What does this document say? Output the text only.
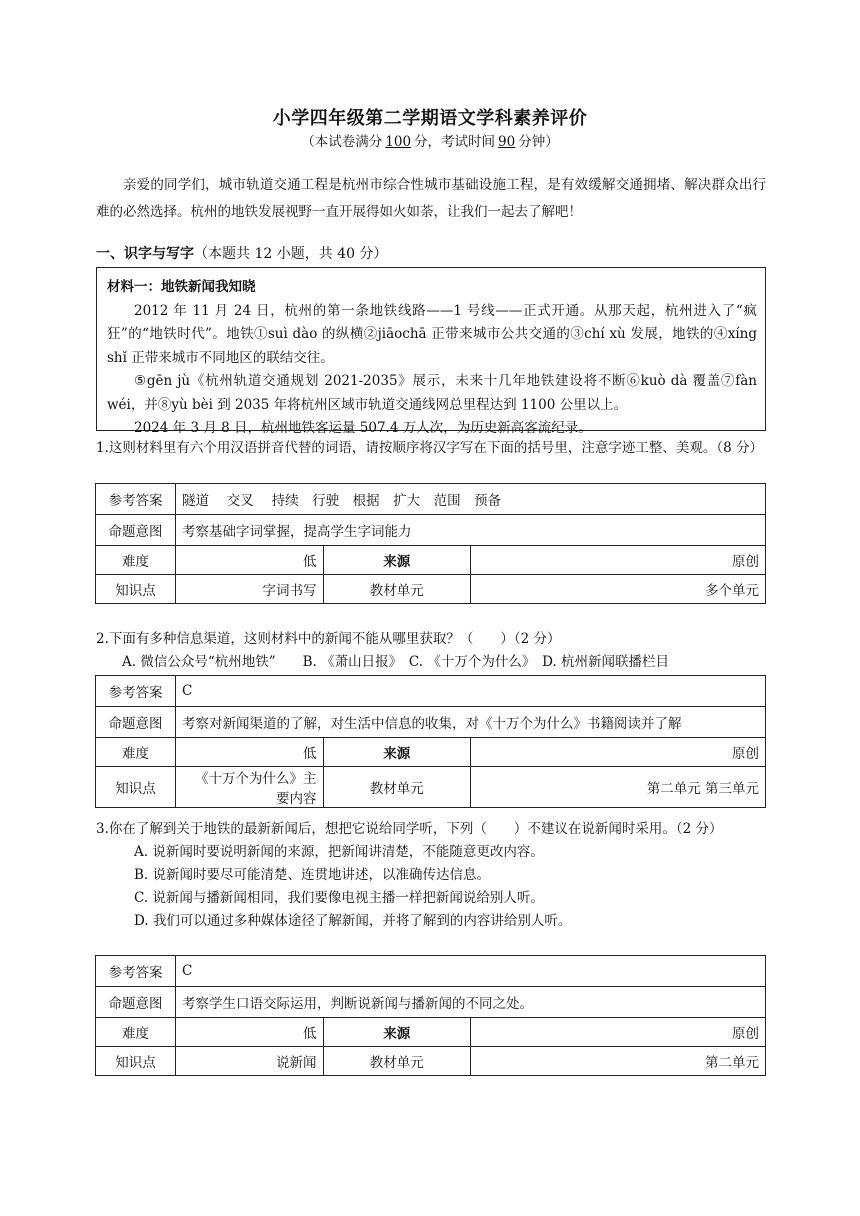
小学四年级第二学期语文学科素养评价
（本试卷满分 100 分，考试时间 90 分钟）
亲爱的同学们，城市轨道交通工程是杭州市综合性城市基础设施工程，是有效缓解交通拥堵、解决群众出行难的必然选择。杭州的地铁发展视野一直开展得如火如荼，让我们一起去了解吧！
一、识字与写字（本题共 12 小题，共 40 分）
材料一：地铁新闻我知晓

2012 年 11 月 24 日，杭州的第一条地铁线路——1 号线——正式开通。从那天起，杭州进入了“疯狂”的“地铁时代”。地铁①suì dào 的纵横②jiāochā 正带来城市公共交通的③chí xù 发展，地铁的④xíng shǐ 正带来城市不同地区的联结交往。

⑤gēn jù《杭州轨道交通规划 2021-2035》展示，未来十几年地铁建设将不断⑥kuò dà 覆盖⑦fàn wéi，并⑧yù bèi 到 2035 年将杭州区域市轨道交通线网总里程达到 1100 公里以上。

2024 年 3 月 8 日，杭州地铁客运量 507.4 万人次，为历史新高客流纪录。

1.这则材料里有六个用汉语拼音代替的词语，请按顺序将汉字写在下面的括号里，注意字迹工整、美观。（8 分）
参考答案	隧道　 交叉　 持续　行驶　根据　扩大　范围　预备		
命题意图	考察基础字词掌握，提高学生字词能力		
难度	低	来源	原创
知识点	字词书写	教材单元	多个单元
2.下面有多种信息渠道，这则材料中的新闻不能从哪里获取？（　　）（2 分）
A. 微信公众号“杭州地铁”　　B. 《萧山日报》　C. 《十万个为什么》　D. 杭州新闻联播栏目
参考答案	C		
命题意图	考察对新闻渠道的了解，对生活中信息的收集，对《十万个为什么》书籍阅读并了解		
难度	低	来源	原创
知识点	《十万个为什么》主要内容	教材单元	第二单元 第三单元
3.你在了解到关于地铁的最新新闻后，想把它说给同学听，下列（　　）不建议在说新闻时采用。（2 分）
A. 说新闻时要说明新闻的来源，把新闻讲清楚，不能随意更改内容。
B. 说新闻时要尽可能清楚、连贯地讲述，以准确传达信息。
C. 说新闻与播新闻相同，我们要像电视主播一样把新闻说给别人听。
D. 我们可以通过多种媒体途径了解新闻，并将了解到的内容讲给别人听。
参考答案	C		
命题意图	考察学生口语交际运用，判断说新闻与播新闻的不同之处。		
难度	低	来源	原创
知识点	说新闻	教材单元	第二单元
